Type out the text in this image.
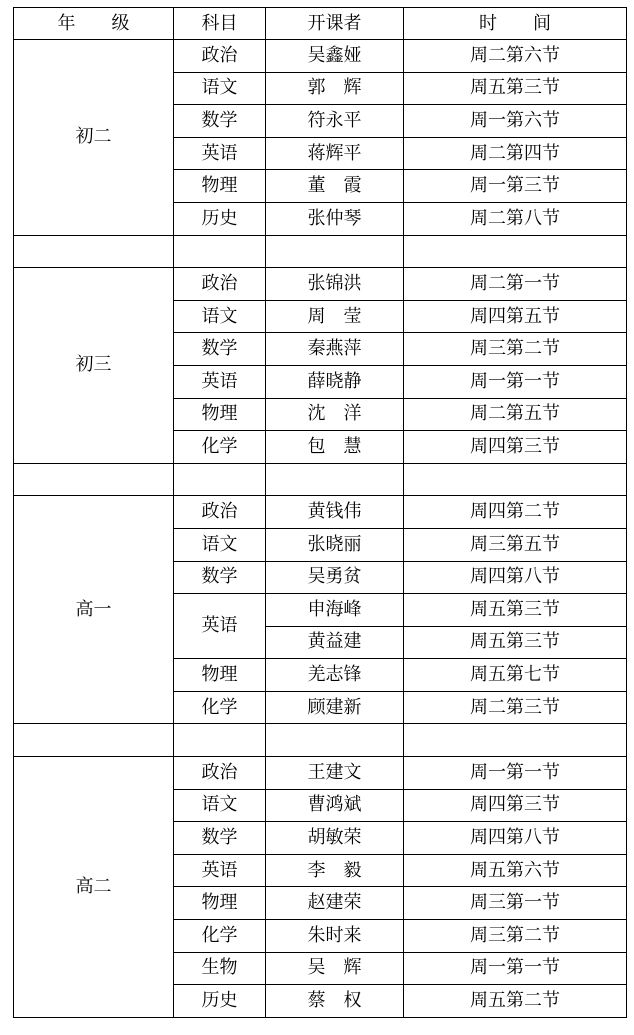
年　　级	科目	开课者	时　　间
初二	政治	吴鑫娅	周二第六节
	语文	郭　辉	周五第三节
	数学	符永平	周一第六节
	英语	蒋辉平	周二第四节
	物理	董　霞	周一第三节
	历史	张仲琴	周二第八节

初三	政治	张锦洪	周二第一节
	语文	周　莹	周四第五节
	数学	秦燕萍	周三第二节
	英语	薛晓静	周一第一节
	物理	沈　洋	周二第五节
	化学	包　慧	周四第三节

高一	政治	黄钱伟	周四第二节
	语文	张晓丽	周三第五节
	数学	吴勇贫	周四第八节
	英语	申海峰	周五第三节
		黄益建	周五第三节
	物理	羌志锋	周五第七节
	化学	顾建新	周二第三节

高二	政治	王建文	周一第一节
	语文	曹鸿斌	周四第三节
	数学	胡敏荣	周四第八节
	英语	李　毅	周五第六节
	物理	赵建荣	周三第一节
	化学	朱时来	周三第二节
	生物	吴　辉	周一第一节
	历史	蔡　权	周五第二节
